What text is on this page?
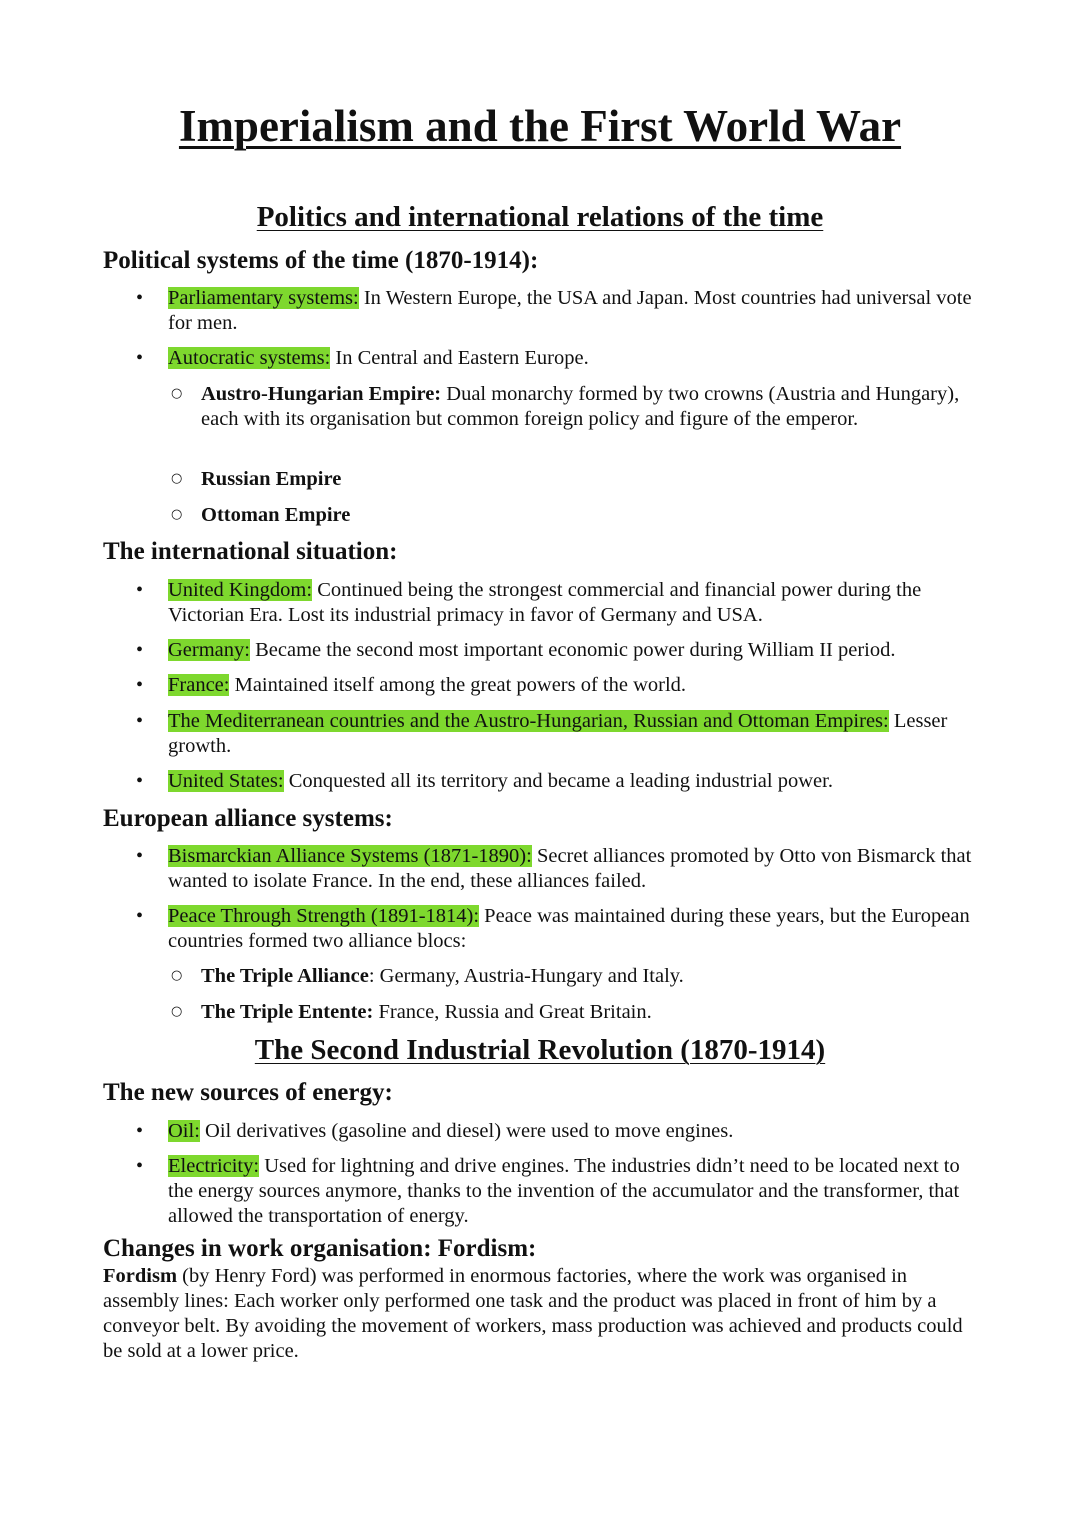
Imperialism and the First World War
Politics and international relations of the time
Political systems of the time (1870-1914):

• Parliamentary systems: In Western Europe, the USA and Japan. Most countries had universal vote for men.

• Autocratic systems: In Central and Eastern Europe.

○ Austro-Hungarian Empire: Dual monarchy formed by two crowns (Austria and Hungary), each with its organisation but common foreign policy and figure of the emperor.

○ Russian Empire

○ Ottoman Empire

The international situation:

• United Kingdom: Continued being the strongest commercial and financial power during the Victorian Era. Lost its industrial primacy in favor of Germany and USA.

• Germany: Became the second most important economic power during William II period.

• France: Maintained itself among the great powers of the world.

• The Mediterranean countries and the Austro-Hungarian, Russian and Ottoman Empires: Lesser growth.

• United States: Conquested all its territory and became a leading industrial power.

European alliance systems:

• Bismarckian Alliance Systems (1871-1890): Secret alliances promoted by Otto von Bismarck that wanted to isolate France. In the end, these alliances failed.

• Peace Through Strength (1891-1814): Peace was maintained during these years, but the European countries formed two alliance blocs:

○ The Triple Alliance: Germany, Austria-Hungary and Italy.

○ The Triple Entente: France, Russia and Great Britain.

The Second Industrial Revolution (1870-1914)
The new sources of energy:

• Oil: Oil derivatives (gasoline and diesel) were used to move engines.

• Electricity: Used for lightning and drive engines. The industries didn’t need to be located next to the energy sources anymore, thanks to the invention of the accumulator and the transformer, that allowed the transportation of energy.

Changes in work organisation: Fordism:

Fordism (by Henry Ford) was performed in enormous factories, where the work was organised in assembly lines: Each worker only performed one task and the product was placed in front of him by a conveyor belt. By avoiding the movement of workers, mass production was achieved and products could be sold at a lower price.
